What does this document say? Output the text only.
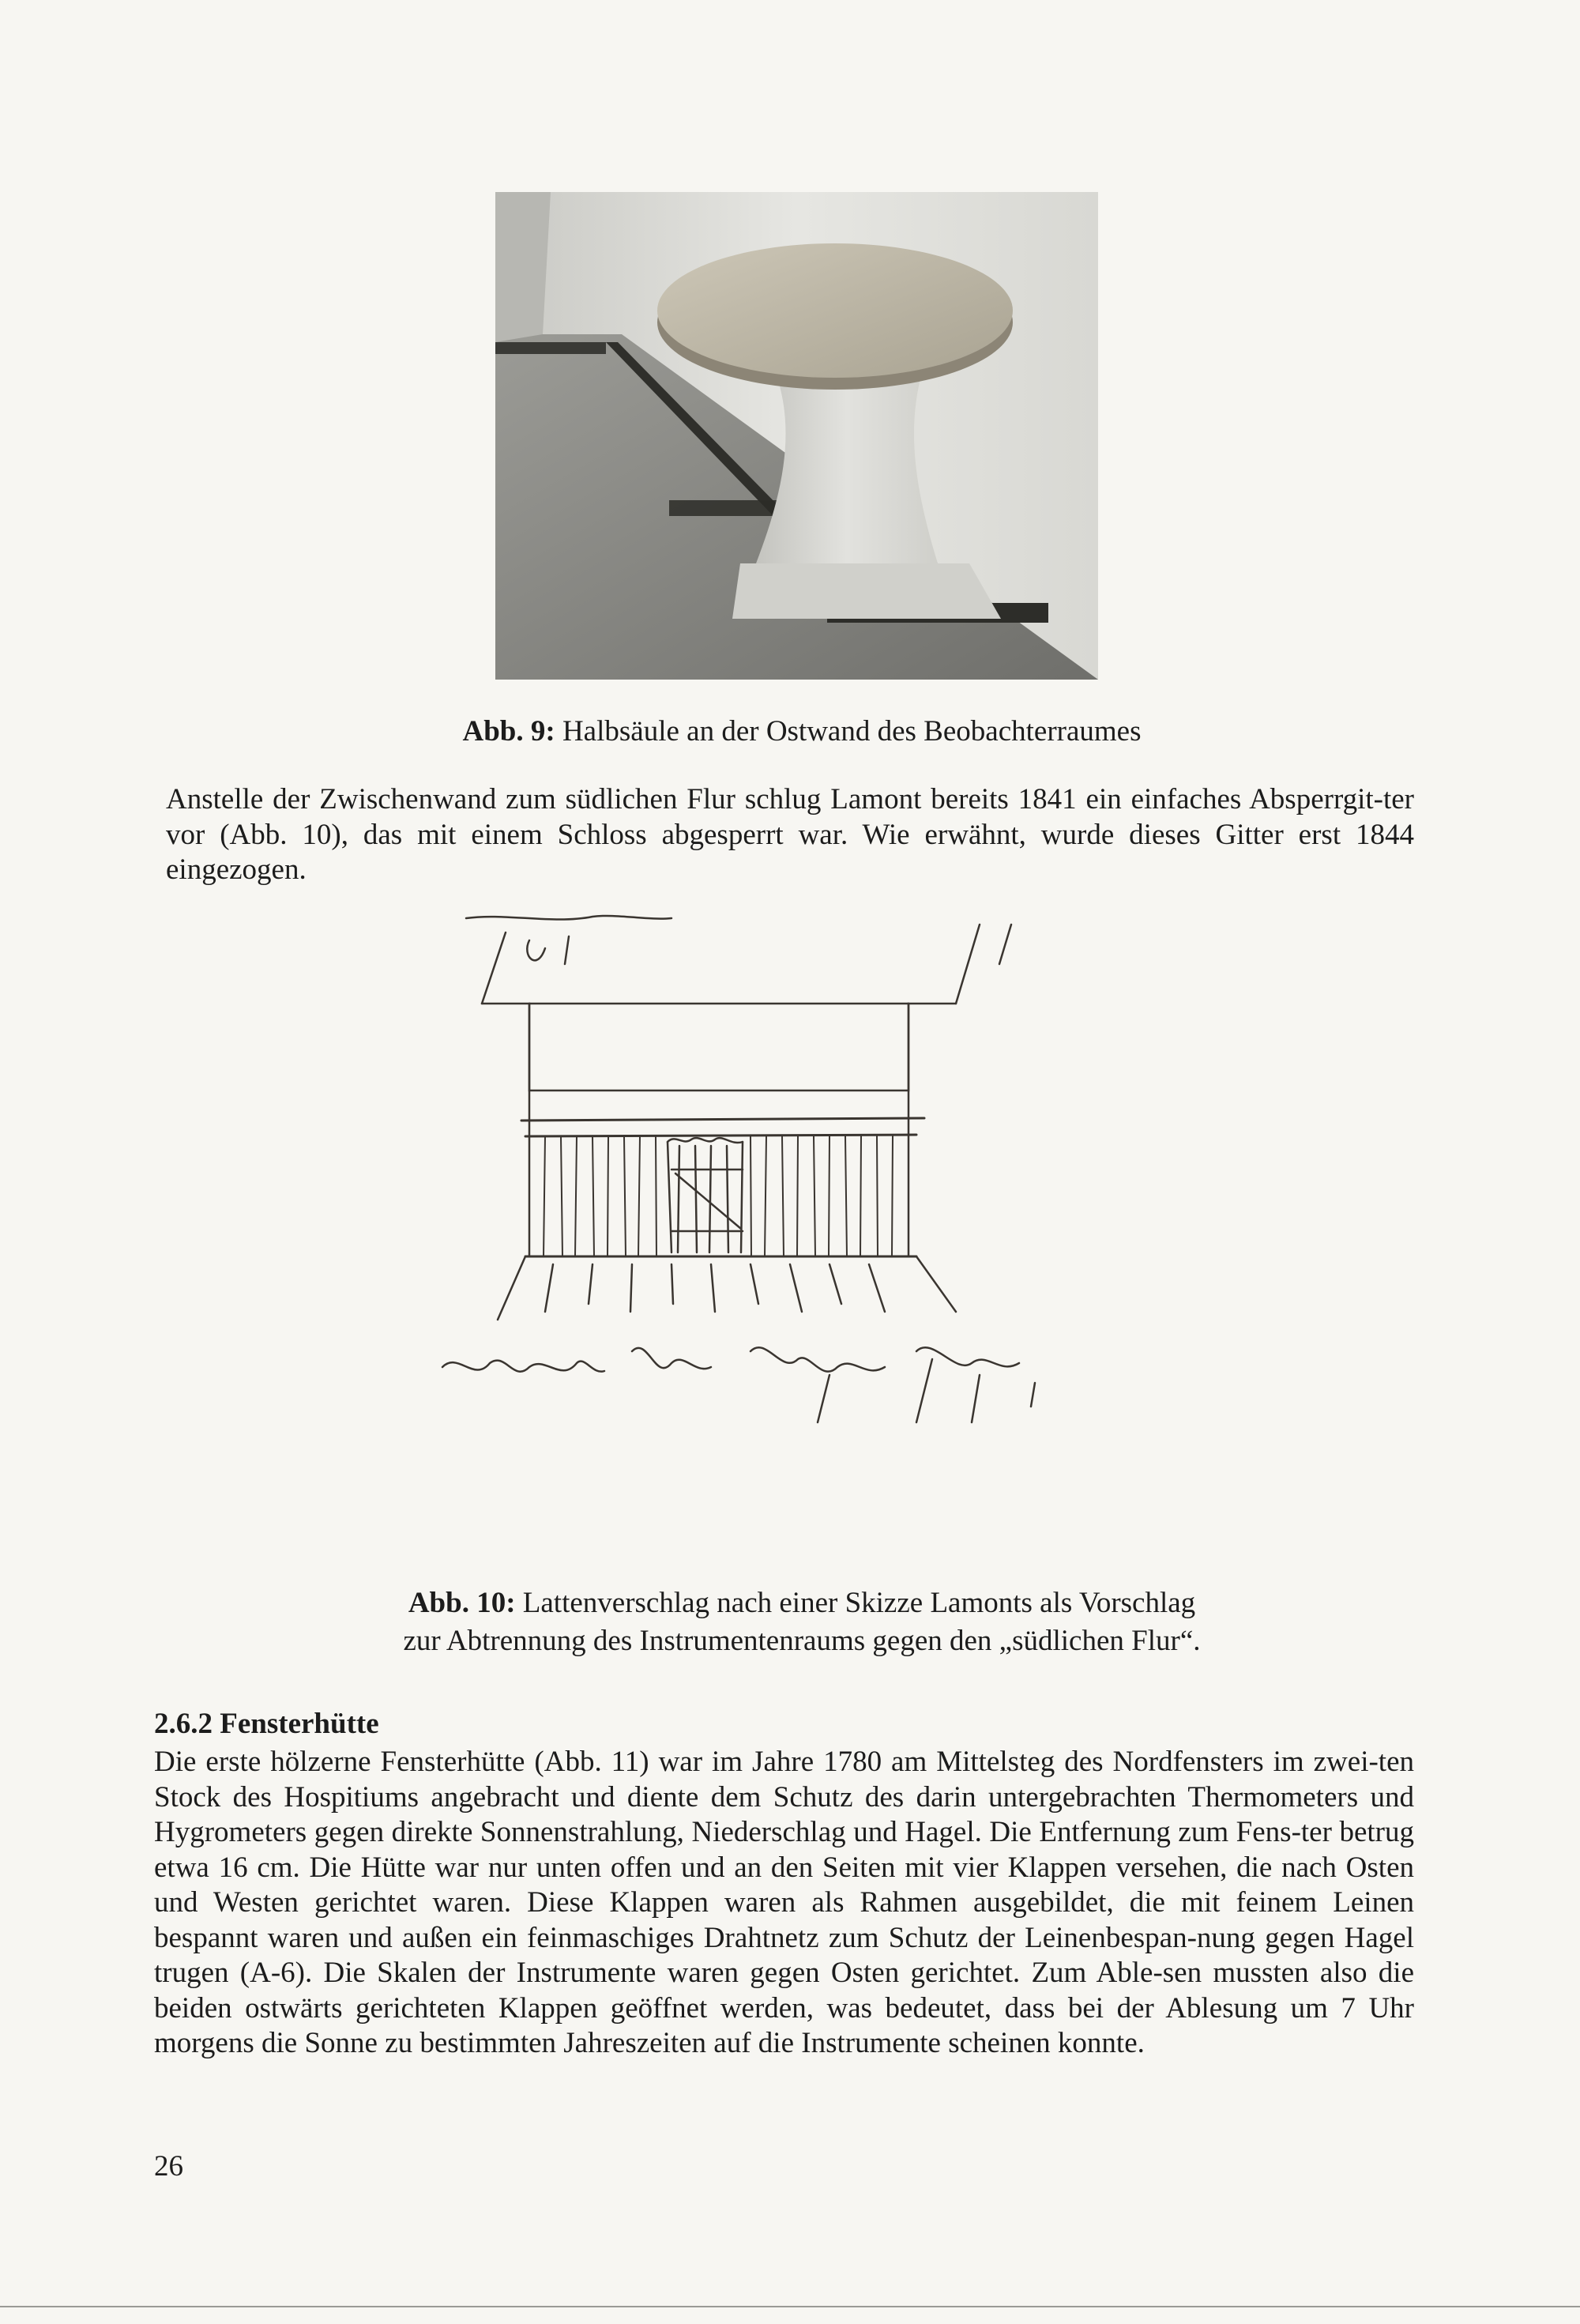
Abb. 9: Halbsäule an der Ostwand des Beobachterraumes
Anstelle der Zwischenwand zum südlichen Flur schlug Lamont bereits 1841 ein einfaches Absperrgit-ter vor (Abb. 10), das mit einem Schloss abgesperrt war. Wie erwähnt, wurde dieses Gitter erst 1844 eingezogen.
Abb. 10: Lattenverschlag nach einer Skizze Lamonts als Vorschlag
zur Abtrennung des Instrumentenraums gegen den „südlichen Flur“.
2.6.2 Fensterhütte
Die erste hölzerne Fensterhütte (Abb. 11) war im Jahre 1780 am Mittelsteg des Nordfensters im zwei-ten Stock des Hospitiums angebracht und diente dem Schutz des darin untergebrachten Thermometers und Hygrometers gegen direkte Sonnenstrahlung, Niederschlag und Hagel. Die Entfernung zum Fens-ter betrug etwa 16 cm. Die Hütte war nur unten offen und an den Seiten mit vier Klappen versehen, die nach Osten und Westen gerichtet waren. Diese Klappen waren als Rahmen ausgebildet, die mit feinem Leinen bespannt waren und außen ein feinmaschiges Drahtnetz zum Schutz der Leinenbespan-nung gegen Hagel trugen (A-6). Die Skalen der Instrumente waren gegen Osten gerichtet. Zum Able-sen mussten also die beiden ostwärts gerichteten Klappen geöffnet werden, was bedeutet, dass bei der Ablesung um 7 Uhr morgens die Sonne zu bestimmten Jahreszeiten auf die Instrumente scheinen konnte.
26
